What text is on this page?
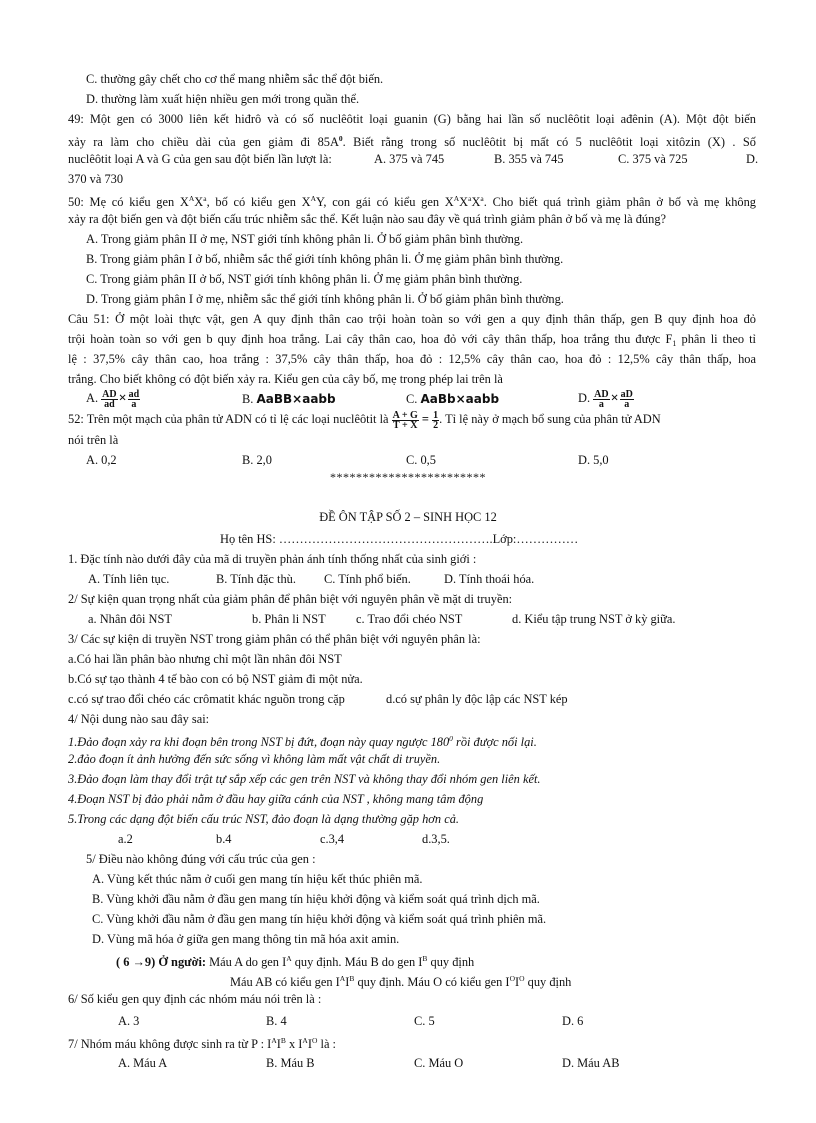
C. thường gây chết cho cơ thể mang nhiễm sắc thể đột biến.
D. thường làm xuất hiện nhiều gen mới trong quần thể.
49: Một gen có 3000 liên kết hiđrô và có số nuclêôtit loại guanin (G) bằng hai lần số nuclêôtit loại ađênin (A). Một đột biến
xảy ra làm cho chiều dài của gen giảm đi $85A^0$. Biết rằng trong số nuclêôtit bị mất có 5 nuclêôtit loại xitôzin (X) . Số
nuclêôtit loại A và G của gen sau đột biến lần lượt là:	A. 375 và 745	B. 355 và 745	C. 375 và 725	D.
370 và 730
50: Mẹ có kiểu gen $X^AX^a$, bố có kiểu gen $X^AY$, con gái có kiểu gen $X^AX^aX^a$. Cho biết quá trình giảm phân ở bố và mẹ không
xảy ra đột biến gen và đột biến cấu trúc nhiễm sắc thể. Kết luận nào sau đây về quá trình giảm phân ở bố và mẹ là đúng?
A. Trong giảm phân II ở mẹ, NST giới tính không phân li. Ở bố giảm phân bình thường.
B. Trong giảm phân I ở bố, nhiễm sắc thể giới tính không phân li. Ở mẹ giảm phân bình thường.
C. Trong giảm phân II ở bố, NST giới tính không phân li. Ở mẹ giảm phân bình thường.
D. Trong giảm phân I ở mẹ, nhiễm sắc thể giới tính không phân li. Ở bố giảm phân bình thường.
Câu 51: Ở một loài thực vật, gen A quy định thân cao trội hoàn toàn so với gen a quy định thân thấp, gen B quy định hoa đỏ
trội hoàn toàn so với gen b quy định hoa trắng. Lai cây thân cao, hoa đỏ với cây thân thấp, hoa trắng thu được $F_1$ phân li theo tỉ
lệ : 37,5% cây thân cao, hoa trắng : 37,5% cây thân thấp, hoa đỏ : 12,5% cây thân cao, hoa đỏ : 12,5% cây thân thấp, hoa
trắng. Cho biết không có đột biến xảy ra. Kiểu gen của cây bố, mẹ trong phép lai trên là
A. $\frac{AD}{ad} \times \frac{ad}{a}$	B. AaBB×aabb	C. AaBb×aabb	D. $\frac{AD}{a} \times \frac{aD}{a}$
52: Trên một mạch của phân tử ADN có tỉ lệ các loại nuclêôtit là $\frac{A + G}{T + X} = \frac{1}{2}$ . Tỉ lệ này ở mạch bổ sung của phân tử ADN
nói trên là
A. 0,2	B. 2,0	C. 0,5	D. 5,0
************************
ĐỀ ÔN TẬP SỐ 2 – SINH HỌC 12
Họ tên HS: …………………………………………….Lớp:……………
1. Đặc tính nào dưới đây của mã di truyền phản ánh tính thống nhất của sinh giới :
A. Tính liên tục.	B. Tính đặc thù. C. Tính phổ biến.	D. Tính thoái hóa.
2/ Sự kiện quan trọng nhất của giảm phân để phân biệt với nguyên phân về mặt di truyền:
a. Nhân đôi NST	b. Phân li NST c. Trao đổi chéo NST	d. Kiểu tập trung NST ở kỳ giữa.
3/ Các sự kiện di truyền NST trong giảm phân có thể phân biệt với nguyên phân là:
a.Có hai lần phân bào nhưng chỉ một lần nhân đôi NST
b.Có sự tạo thành 4 tế bào con có bộ NST giảm đi một nửa.
c.có sự trao đổi chéo các crômatit khác nguồn trong cặp	d.có sự phân ly độc lập các NST kép
4/ Nội dung nào sau đây sai:
1.Đảo đoạn xảy ra khi đoạn bên trong NST bị đứt, đoạn này quay ngược $180^0$ rồi được nối lại.
2.đảo đoạn ít ảnh hưởng đến sức sống vì không làm mất vật chất di truyền.
3.Đảo đoạn làm thay đổi trật tự sắp xếp các gen trên NST và không thay đổi nhóm gen liên kết.
4.Đoạn NST bị đảo phải nằm ở đầu hay giữa cánh của NST , không mang tâm động
5.Trong các dạng đột biến cấu trúc NST, đảo đoạn là dạng thường gặp hơn cả.
a.2	b.4	c.3,4	d.3,5.
5/ Điều nào không đúng với cấu trúc của gen :
A. Vùng kết thúc nằm ở cuối gen mang tín hiệu kết thúc phiên mã.
B. Vùng khởi đầu nằm ở đầu gen mang tín hiệu khởi động và kiểm soát quá trình dịch mã.
C. Vùng khởi đầu nằm ở đầu gen mang tín hiệu khởi động và kiểm soát quá trình phiên mã.
D. Vùng mã hóa ở giữa gen mang thông tin mã hóa axit amin.
( 6 →9) Ở người: Máu A do gen $I^A$ quy định. Máu B do gen $I^B$ quy định
Máu AB có kiểu gen $I^AI^B$ quy định. Máu O có kiểu gen $I^OI^O$ quy định
6/ Số kiểu gen quy định các nhóm máu nói trên là :
A. 3	B. 4	C. 5	D. 6
7/ Nhóm máu không được sinh ra từ P : $I^AI^B$ x $I^AI^O$ là :
A. Máu A	B. Máu B	C. Máu O	D. Máu AB
